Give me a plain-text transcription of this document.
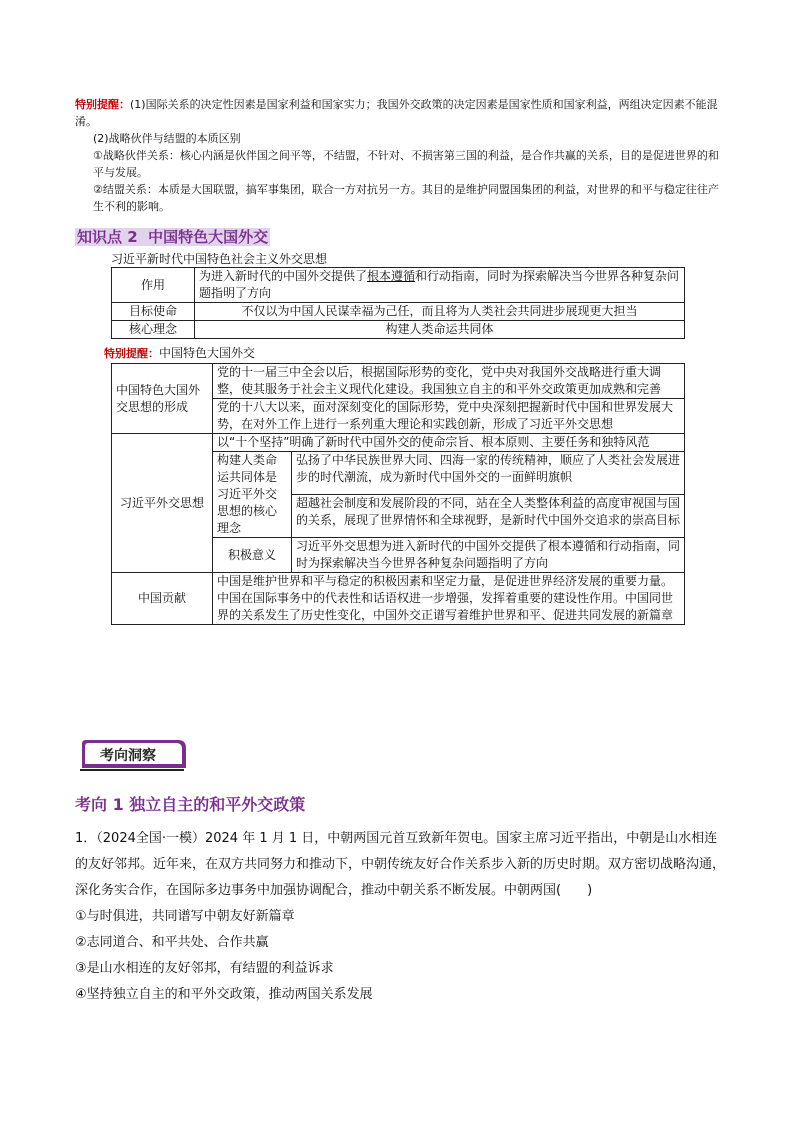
特别提醒：(1)国际关系的决定性因素是国家利益和国家实力；我国外交政策的决定因素是国家性质和国家利益，两组决定因素不能混淆。

(2)战略伙伴与结盟的本质区别

①战略伙伴关系：核心内涵是伙伴国之间平等，不结盟，不针对、不损害第三国的利益，是合作共赢的关系，目的是促进世界的和平与发展。

②结盟关系：本质是大国联盟，搞军事集团，联合一方对抗另一方。其目的是维护同盟国集团的利益，对世界的和平与稳定往往产生不利的影响。

知识点 2 中国特色大国外交
习近平新时代中国特色社会主义外交思想
作用	为进入新时代的中国外交提供了根本遵循和行动指南，同时为探索解决当今世界各种复杂问题指明了方向
目标使命	不仅以为中国人民谋幸福为己任，而且将为人类社会共同进步展现更大担当
核心理念	构建人类命运共同体
特别提醒：中国特色大国外交
中国特色大国外交思想的形成	党的十一届三中全会以后，根据国际形势的变化，党中央对我国外交战略进行重大调整，使其服务于社会主义现代化建设。我国独立自主的和平外交政策更加成熟和完善	
	党的十八大以来，面对深刻变化的国际形势，党中央深刻把握新时代中国和世界发展大势，在对外工作上进行一系列重大理论和实践创新，形成了习近平外交思想	
习近平外交思想	以“十个坚持”明确了新时代中国外交的使命宗旨、根本原则、主要任务和独特风范	
	构建人类命运共同体是习近平外交思想的核心理念	弘扬了中华民族世界大同、四海一家的传统精神，顺应了人类社会发展进步的时代潮流，成为新时代中国外交的一面鲜明旗帜
		超越社会制度和发展阶段的不同，站在全人类整体利益的高度审视国与国的关系，展现了世界情怀和全球视野，是新时代中国外交追求的崇高目标
	积极意义	习近平外交思想为进入新时代的中国外交提供了根本遵循和行动指南，同时为探索解决当今世界各种复杂问题指明了方向
中国贡献	中国是维护世界和平与稳定的积极因素和坚定力量，是促进世界经济发展的重要力量。中国在国际事务中的代表性和话语权进一步增强，发挥着重要的建设性作用。中国同世界的关系发生了历史性变化，中国外交正谱写着维护世界和平、促进共同发展的新篇章	
考向洞察
考向 1 独立自主的和平外交政策
1．（2024全国·一模）2024 年 1 月 1 日，中朝两国元首互致新年贺电。国家主席习近平指出，中朝是山水相连的友好邻邦。近年来，在双方共同努力和推动下，中朝传统友好合作关系步入新的历史时期。双方密切战略沟通，深化务实合作，在国际多边事务中加强协调配合，推动中朝关系不断发展。中朝两国(　　)
①与时俱进，共同谱写中朝友好新篇章
②志同道合、和平共处、合作共赢
③是山水相连的友好邻邦，有结盟的利益诉求
④坚持独立自主的和平外交政策，推动两国关系发展
